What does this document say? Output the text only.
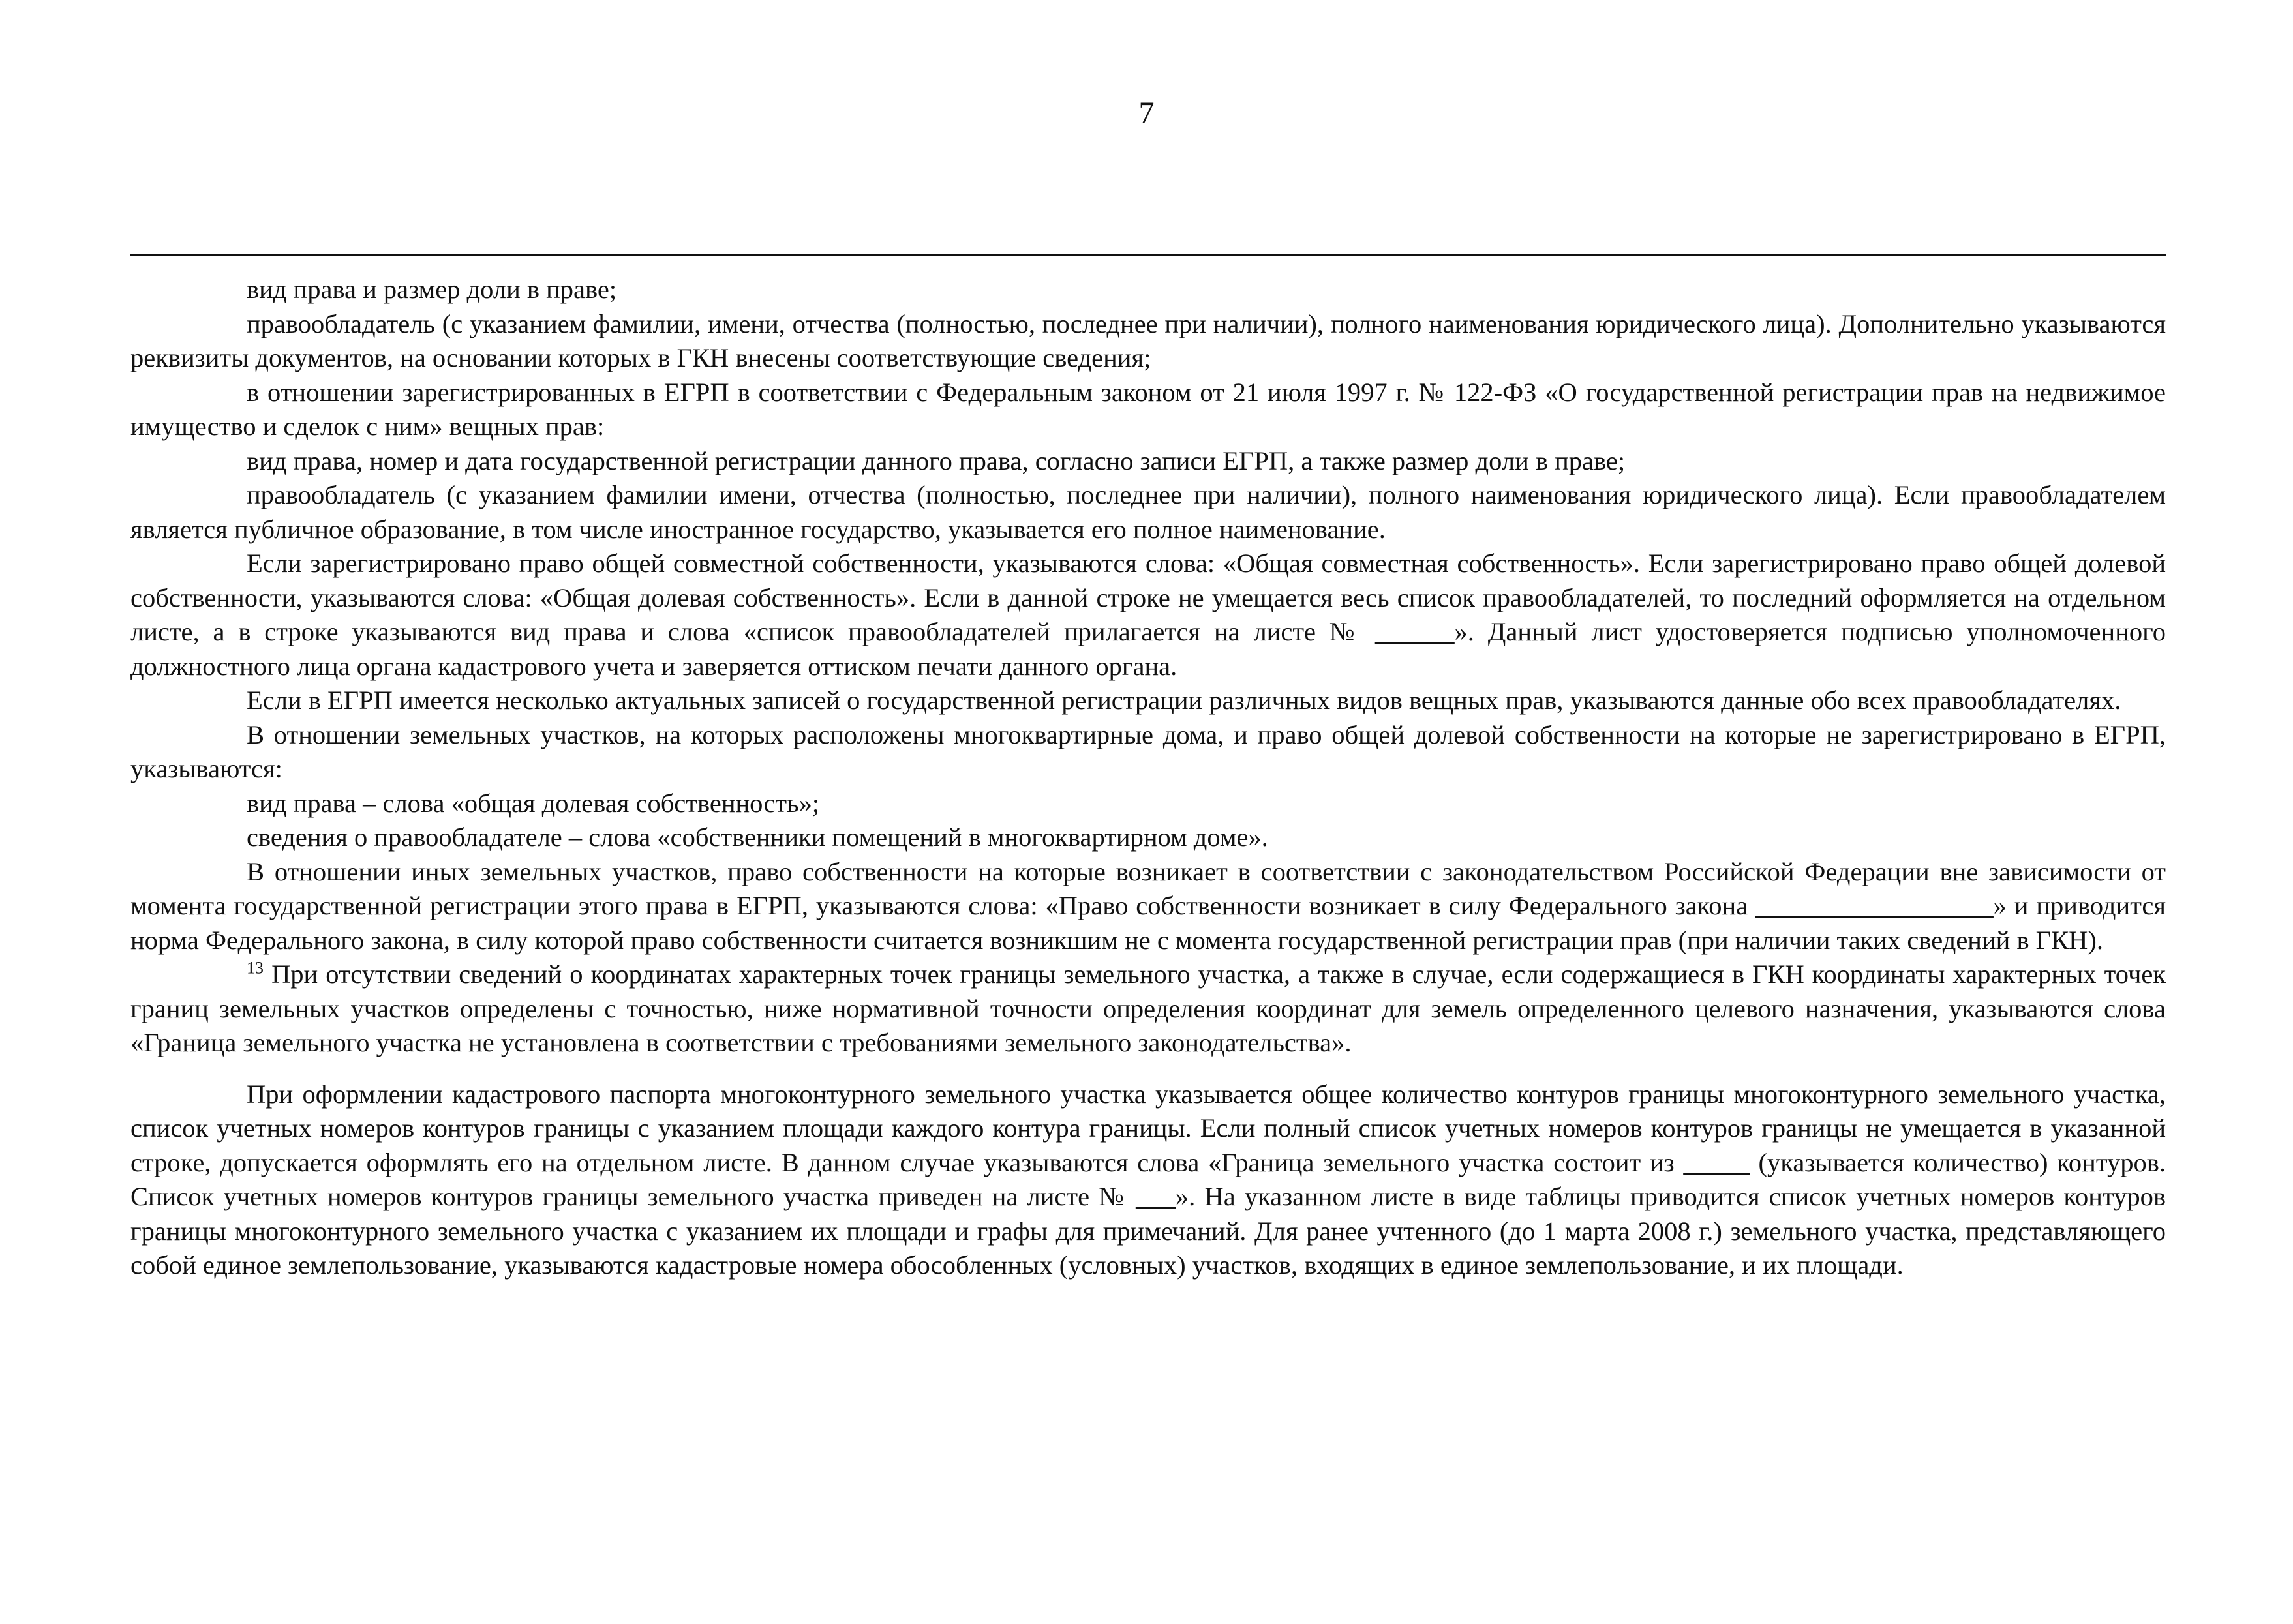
7

вид права и размер доли в праве;

правообладатель (с указанием фамилии, имени, отчества (полностью, последнее при наличии), полного наименования юридического лица). Дополнительно указываются реквизиты документов, на основании которых в ГКН внесены соответствующие сведения;

в отношении зарегистрированных в ЕГРП в соответствии с Федеральным законом от 21 июля 1997 г. № 122-ФЗ «О государственной регистрации прав на недвижимое имущество и сделок с ним» вещных прав:

вид права, номер и дата государственной регистрации данного права, согласно записи ЕГРП, а также размер доли в праве;

правообладатель (с указанием фамилии имени, отчества (полностью, последнее при наличии), полного наименования юридического лица). Если правообладателем является публичное образование, в том числе иностранное государство, указывается его полное наименование.

Если зарегистрировано право общей совместной собственности, указываются слова: «Общая совместная собственность». Если зарегистрировано право общей долевой собственности, указываются слова: «Общая долевая собственность». Если в данной строке не умещается весь список правообладателей, то последний оформляется на отдельном листе, а в строке указываются вид права и слова «список правообладателей прилагается на листе № ______». Данный лист удостоверяется подписью уполномоченного должностного лица органа кадастрового учета и заверяется оттиском печати данного органа.

Если в ЕГРП имеется несколько актуальных записей о государственной регистрации различных видов вещных прав, указываются данные обо всех правообладателях.

В отношении земельных участков, на которых расположены многоквартирные дома, и право общей долевой собственности на которые не зарегистрировано в ЕГРП, указываются:

вид права – слова «общая долевая собственность»;

сведения о правообладателе – слова «собственники помещений в многоквартирном доме».

В отношении иных земельных участков, право собственности на которые возникает в соответствии с законодательством Российской Федерации вне зависимости от момента государственной регистрации этого права в ЕГРП, указываются слова: «Право собственности возникает в силу Федерального закона __________________» и приводится норма Федерального закона, в силу которой право собственности считается возникшим не с момента государственной регистрации прав (при наличии таких сведений в ГКН).

$^{13}$ При отсутствии сведений о координатах характерных точек границы земельного участка, а также в случае, если содержащиеся в ГКН координаты характерных точек границ земельных участков определены с точностью, ниже нормативной точности определения координат для земель определенного целевого назначения, указываются слова «Граница земельного участка не установлена в соответствии с требованиями земельного законодательства».

При оформлении кадастрового паспорта многоконтурного земельного участка указывается общее количество контуров границы многоконтурного земельного участка, список учетных номеров контуров границы с указанием площади каждого контура границы. Если полный список учетных номеров контуров границы не умещается в указанной строке, допускается оформлять его на отдельном листе. В данном случае указываются слова «Граница земельного участка состоит из _____ (указывается количество) контуров. Список учетных номеров контуров границы земельного участка приведен на листе № ___». На указанном листе в виде таблицы приводится список учетных номеров контуров границы многоконтурного земельного участка с указанием их площади и графы для примечаний. Для ранее учтенного (до 1 марта 2008 г.) земельного участка, представляющего собой единое землепользование, указываются кадастровые номера обособленных (условных) участков, входящих в единое землепользование, и их площади.
